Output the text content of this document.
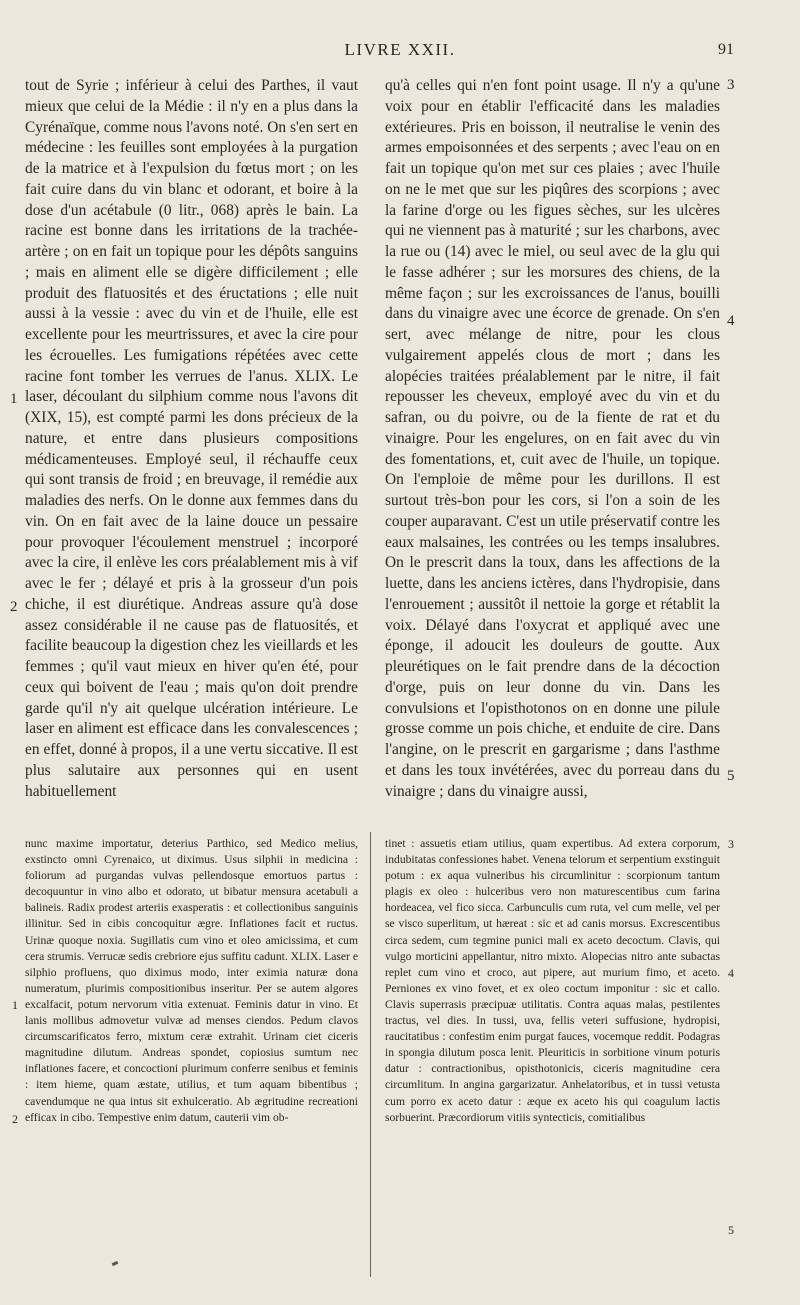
LIVRE XXII.	91

tout de Syrie ; inférieur à celui des Parthes, il vaut mieux que celui de la Médie : il n'y en a plus dans la Cyrénaïque, comme nous l'avons noté. On s'en sert en médecine : les feuilles sont employées à la purgation de la matrice et à l'expulsion du fœtus mort ; on les fait cuire dans du vin blanc et odorant, et boire à la dose d'un acétabule (0 litr., 068) après le bain. La racine est bonne dans les irritations de la trachée-artère ; on en fait un topique pour les dépôts sanguins ; mais en aliment elle se digère difficilement ; elle produit des flatuosités et des éructations ; elle nuit aussi à la vessie : avec du vin et de l'huile, elle est excellente pour les meurtrissures, et avec la cire pour les écrouelles. Les fumigations répétées avec cette racine font tomber les verrues de l'anus. XLIX. Le laser, découlant du silphium comme nous l'avons dit (XIX, 15), est compté parmi les dons précieux de la nature, et entre dans plusieurs compositions médicamenteuses. Employé seul, il réchauffe ceux qui sont transis de froid ; en breuvage, il remédie aux maladies des nerfs. On le donne aux femmes dans du vin. On en fait avec de la laine douce un pessaire pour provoquer l'écoulement menstruel ; incorporé avec la cire, il enlève les cors préalablement mis à vif avec le fer ; délayé et pris à la grosseur d'un pois chiche, il est diurétique. Andreas assure qu'à dose assez considérable il ne cause pas de flatuosités, et facilite beaucoup la digestion chez les vieillards et les femmes ; qu'il vaut mieux en hiver qu'en été, pour ceux qui boivent de l'eau ; mais qu'on doit prendre garde qu'il n'y ait quelque ulcération intérieure. Le laser en aliment est efficace dans les convalescences ; en effet, donné à propos, il a une vertu siccative. Il est plus salutaire aux personnes qui en usent habituellement

qu'à celles qui n'en font point usage. Il n'y a qu'une voix pour en établir l'efficacité dans les maladies extérieures. Pris en boisson, il neutralise le venin des armes empoisonnées et des serpents ; avec l'eau on en fait un topique qu'on met sur ces plaies ; avec l'huile on ne le met que sur les piqûres des scorpions ; avec la farine d'orge ou les figues sèches, sur les ulcères qui ne viennent pas à maturité ; sur les charbons, avec la rue ou (14) avec le miel, ou seul avec de la glu qui le fasse adhérer ; sur les morsures des chiens, de la même façon ; sur les excroissances de l'anus, bouilli dans du vinaigre avec une écorce de grenade. On s'en sert, avec mélange de nitre, pour les clous vulgairement appelés clous de mort ; dans les alopécies traitées préalablement par le nitre, il fait repousser les cheveux, employé avec du vin et du safran, ou du poivre, ou de la fiente de rat et du vinaigre. Pour les engelures, on en fait avec du vin des fomentations, et, cuit avec de l'huile, un topique. On l'emploie de même pour les durillons. Il est surtout très-bon pour les cors, si l'on a soin de les couper auparavant. C'est un utile préservatif contre les eaux malsaines, les contrées ou les temps insalubres. On le prescrit dans la toux, dans les affections de la luette, dans les anciens ictères, dans l'hydropisie, dans l'enrouement ; aussitôt il nettoie la gorge et rétablit la voix. Délayé dans l'oxycrat et appliqué avec une éponge, il adoucit les douleurs de goutte. Aux pleurétiques on le fait prendre dans de la décoction d'orge, puis on leur donne du vin. Dans les convulsions et l'opisthotonos on en donne une pilule grosse comme un pois chiche, et enduite de cire. Dans l'angine, on le prescrit en gargarisme ; dans l'asthme et dans les toux invétérées, avec du porreau dans du vinaigre ; dans du vinaigre aussi,

nunc maxime importatur, deterius Parthico, sed Medico melius, exstincto omni Cyrenaico, ut diximus. Usus silphii in medicina : foliorum ad purgandas vulvas pellendosque emortuos partus : decoquuntur in vino albo et odorato, ut bibatur mensura acetabuli a balineis. Radix prodest arteriis exasperatis : et collectionibus sanguinis illinitur. Sed in cibis concoquitur ægre. Inflationes facit et ructus. Urinæ quoque noxia. Sugillatis cum vino et oleo amicissima, et cum cera strumis. Verrucæ sedis crebriore ejus suffitu cadunt. XLIX. Laser e silphio profluens, quo diximus modo, inter eximia naturæ dona numeratum, plurimis compositionibus inseritur. Per se autem algores excalfacit, potum nervorum vitia extenuat. Feminis datur in vino. Et lanis mollibus admovetur vulvæ ad menses ciendos. Pedum clavos circumscarificatos ferro, mixtum ceræ extrahit. Urinam ciet ciceris magnitudine dilutum. Andreas spondet, copiosius sumtum nec inflationes facere, et concoctioni plurimum conferre senibus et feminis : item hieme, quam æstate, utilius, et tum aquam bibentibus ; cavendumque ne qua intus sit exhulceratio. Ab ægritudine recreationi efficax in cibo. Tempestive enim datum, cauterii vim ob-

tinet : assuetis etiam utilius, quam expertibus. Ad extera corporum, indubitatas confessiones habet. Venena telorum et serpentium exstinguit potum : ex aqua vulneribus his circumlinitur : scorpionum tantum plagis ex oleo : hulceribus vero non maturescentibus cum farina hordeacea, vel fico sicca. Carbunculis cum ruta, vel cum melle, vel per se visco superlitum, ut hæreat : sic et ad canis morsus. Excrescentibus circa sedem, cum tegmine punici mali ex aceto decoctum. Clavis, qui vulgo morticini appellantur, nitro mixto. Alopecias nitro ante subactas replet cum vino et croco, aut pipere, aut murium fimo, et aceto. Perniones ex vino fovet, et ex oleo coctum imponitur : sic et callo. Clavis superrasis præcipuæ utilitatis. Contra aquas malas, pestilentes tractus, vel dies. In tussi, uva, fellis veteri suffusione, hydropisi, raucitatibus : confestim enim purgat fauces, vocemque reddit. Podagras in spongia dilutum posca lenit. Pleuriticis in sorbitione vinum poturis datur : contractionibus, opisthotonicis, ciceris magnitudine cera circumlitum. In angina gargarizatur. Anhelatoribus, et in tussi vetusta cum porro ex aceto datur : æque ex aceto his qui coagulum lactis sorbuerint. Præcordiorum vitiis syntecticis, comitialibus

3
4
5
1
2
1
2
3
4
5
